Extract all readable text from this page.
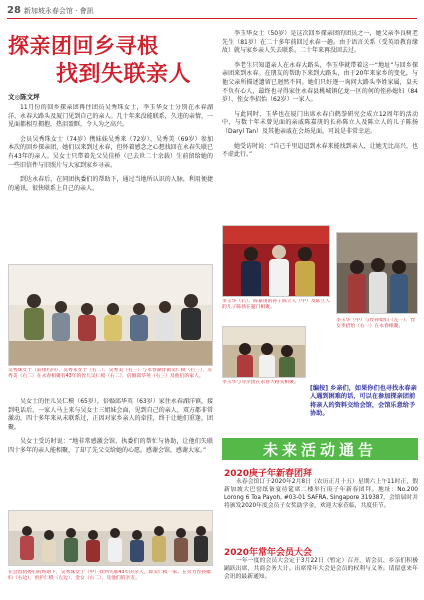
28 新加坡永春会馆 · 會訊
探亲团回乡寻根
找到失联亲人
文◎陈文坪

11月份的回乡探亲团再住团员吴秀珠女士，李玉华女士分别在永春湖洋、永春大路头及厦门见到自己的亲人。几十年来没能联系，久违的亲情，一见面都相互拥抱，热泪盈眶，令人为之高兴。

会员吴秀珠女士（74岁）携妹妹吴秀来（72岁）、吴秀美（69岁）参加本次的回乡探亲团，她们以来到过永春，但怀着感念之心想找回在永春失联已有43年的亲人。吴女士只带着先父吴佳桥（已去世二十余载）生前留给她的一些旧信件与旧照片与大家到家乡寻亲。

到达永春后，在同团执委们的帮助下，通过当地所认识的人脉，利用便捷的通讯，很快联系上自己的亲人。

吴秀珠女士（前排右四）、吴秀来女士（右二）、吴秀美（右三）与永春湖洋镇吴仁模（右三）、吴秀美（右二）在永春相聚有43年的侄儿吴仁模（右二）、倍婚邱华英（右三）及他们的家人。

吴女士的住儿吴仁模（65岁），倍婚邱华英（63岁）家住永春湖洋镇，接到电话后，一家人马上来与吴女士三姐妹会面，见到自己的亲人，双方都非常激动，四十多年来从未联系过，正因对家乡亲人的牵挂，终于让她们重逢，团聚。

吴女士受访时说：“地非常感激会馆、执委们的帮忙与协助，让他们失联四十多年的亲人能相聚，了却了先父交给她的心愿。感谢会馆，感谢大家。”

在会馆执委们的帮助下，吴秀珠女士（中）找到失联43年的亲人，即吴仁模一家。在旁为侄孙媳妇（右边）、看护仁模（左边）、金女（右二），及他们的亲友。

李玉华女士（50岁）是这次回乡探亲团的团员之一，她父亲李良树老先生（81岁）在二十多年前回过永春一趟。由于语言关系（受英语教育缘故）就与家乡亲人失去联系。二十年来再没回去过。

李老生只知道亲人在永春大路头，李玉华就带着这一“地址”与回乡探亲团来到永春。在朋友的帮助下来到大路头，由于20年来家乡的变化，与他父亲所描述遗留已迥然不同。她们只好逐一询问大路头李姓家属，皇天不负有心人，最终也寻得家住永春县桃城镇亿龙一区的何的侄孙媳妇（84岁）、侄女李招怡（62岁）一家人。

与此同时，玉华也在厦门出席永春白鹤拳研究会成立12周年的活动中，与数十年未曾见面的亲戚陈嘉庚的长孙陈立人及陈立人的儿子陈扬（Daryl Tan）及其他亲戚在会场见面。可说是非常幸运。

她受访时说：“自己千里迢迢到永春来能找到亲人，让她无比高兴，也不虚此行。”

李玉华（右）、陈嘉庚的孙子陈立人（中）及陈立人的儿子陈扬在厦门相聚。
李玉华（中）与侄孙媳妇（左一）、侄女李招怡（右一）在永春相聚。
李玉华与寻亲团在永春大路头相聚。
[编按] 乡亲们，如果你们也寻找永春亲人遇到困难的话，可以在参加探亲团前将亲人的资料交给会馆，会馆乐意给予协助。
未来活动通告
2020庚子年新春团拜
永春会馆订于2020年2月8日（农历正月十五）星期六上午11时正，假新加坡大巴窑纸备宴待筵席二楼举行庚子年新春团拜。地址：No.200 Lorong 6 Toa Payoh, #03-01 SAFRA, Singapore 319387。会馆届时并将颁发2020年度会员子女奖助学金，欢迎大家莅临，共度佳节。
2020年常年会员大会
一年一度的会员大会定于3月22日（暂定）召开，请会员、乡亲们积极踊跃出席，共商会务大计。出席常年大会是会员的权利与义务。请留意来年会讯的最新通知。
